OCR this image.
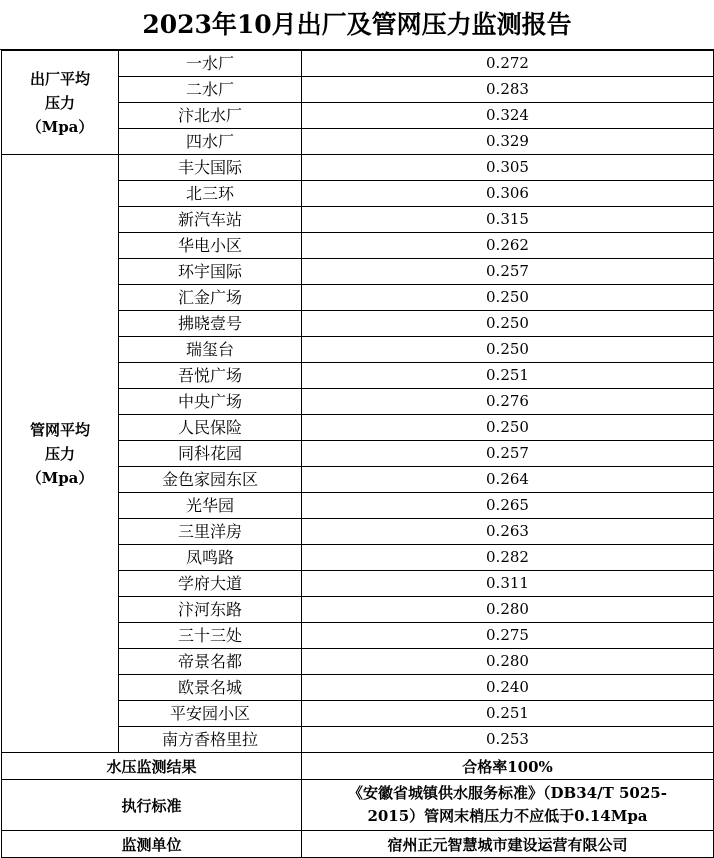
2023年10月出厂及管网压力监测报告
出厂平均
压力
（Mpa）	一水厂	0.272
	二水厂	0.283
	汴北水厂	0.324
	四水厂	0.329

管网平均
压力
（Mpa）	丰大国际	0.305
	北三环	0.306
	新汽车站	0.315
	华电小区	0.262
	环宇国际	0.257
	汇金广场	0.250
	拂晓壹号	0.250
	瑞玺台	0.250
	吾悦广场	0.251
	中央广场	0.276
	人民保险	0.250
	同科花园	0.257
	金色家园东区	0.264
	光华园	0.265
	三里洋房	0.263
	凤鸣路	0.282
	学府大道	0.311
	汴河东路	0.280
	三十三处	0.275
	帝景名都	0.280
	欧景名城	0.240
	平安园小区	0.251
	南方香格里拉	0.253
水压监测结果		合格率100%
执行标准		《安徽省城镇供水服务标准》（DB34/T 5025-
2015）管网末梢压力不应低于0.14Mpa

监测单位		宿州正元智慧城市建设运营有限公司
